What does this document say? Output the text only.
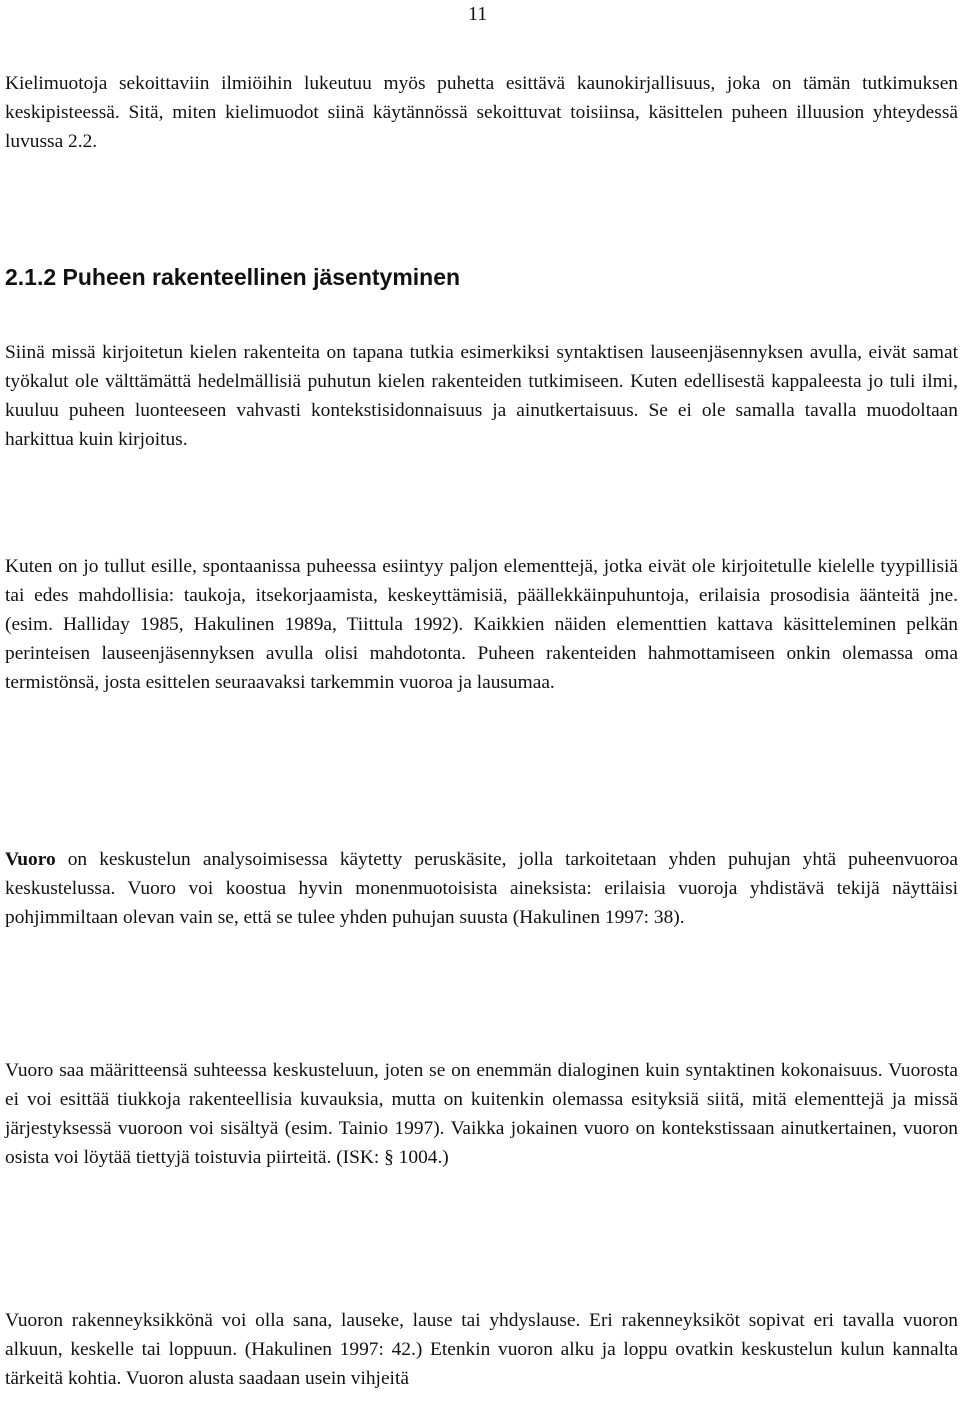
11

Kielimuotoja sekoittaviin ilmiöihin lukeutuu myös puhetta esittävä kaunokirjallisuus, joka on tämän tutkimuksen keskipisteessä. Sitä, miten kielimuodot siinä käytännössä sekoittuvat toisiinsa, käsittelen puheen illuusion yhteydessä luvussa 2.2.

2.1.2 Puheen rakenteellinen jäsentyminen

Siinä missä kirjoitetun kielen rakenteita on tapana tutkia esimerkiksi syntaktisen lauseenjäsennyksen avulla, eivät samat työkalut ole välttämättä hedelmällisiä puhutun kielen rakenteiden tutkimiseen. Kuten edellisestä kappaleesta jo tuli ilmi, kuuluu puheen luonteeseen vahvasti kontekstisidonnaisuus ja ainutkertaisuus. Se ei ole samalla tavalla muodoltaan harkittua kuin kirjoitus.

Kuten on jo tullut esille, spontaanissa puheessa esiintyy paljon elementtejä, jotka eivät ole kirjoitetulle kielelle tyypillisiä tai edes mahdollisia: taukoja, itsekorjaamista, keskeyttämisiä, päällekkäinpuhuntoja, erilaisia prosodisia äänteitä jne. (esim. Halliday 1985, Hakulinen 1989a, Tiittula 1992). Kaikkien näiden elementtien kattava käsitteleminen pelkän perinteisen lauseenjäsennyksen avulla olisi mahdotonta. Puheen rakenteiden hahmottamiseen onkin olemassa oma termistönsä, josta esittelen seuraavaksi tarkemmin vuoroa ja lausumaa.

Vuoro on keskustelun analysoimisessa käytetty peruskäsite, jolla tarkoitetaan yhden puhujan yhtä puheenvuoroa keskustelussa. Vuoro voi koostua hyvin monenmuotoisista aineksista: erilaisia vuoroja yhdistävä tekijä näyttäisi pohjimmiltaan olevan vain se, että se tulee yhden puhujan suusta (Hakulinen 1997: 38).

Vuoro saa määritteensä suhteessa keskusteluun, joten se on enemmän dialoginen kuin syntaktinen kokonaisuus. Vuorosta ei voi esittää tiukkoja rakenteellisia kuvauksia, mutta on kuitenkin olemassa esityksiä siitä, mitä elementtejä ja missä järjestyksessä vuoroon voi sisältyä (esim. Tainio 1997). Vaikka jokainen vuoro on kontekstissaan ainutkertainen, vuoron osista voi löytää tiettyjä toistuvia piirteitä. (ISK: § 1004.)

Vuoron rakenneyksikkönä voi olla sana, lauseke, lause tai yhdyslause. Eri rakenneyksiköt sopivat eri tavalla vuoron alkuun, keskelle tai loppuun. (Hakulinen 1997: 42.) Etenkin vuoron alku ja loppu ovatkin keskustelun kulun kannalta tärkeitä kohtia. Vuoron alusta saadaan usein vihjeitä
